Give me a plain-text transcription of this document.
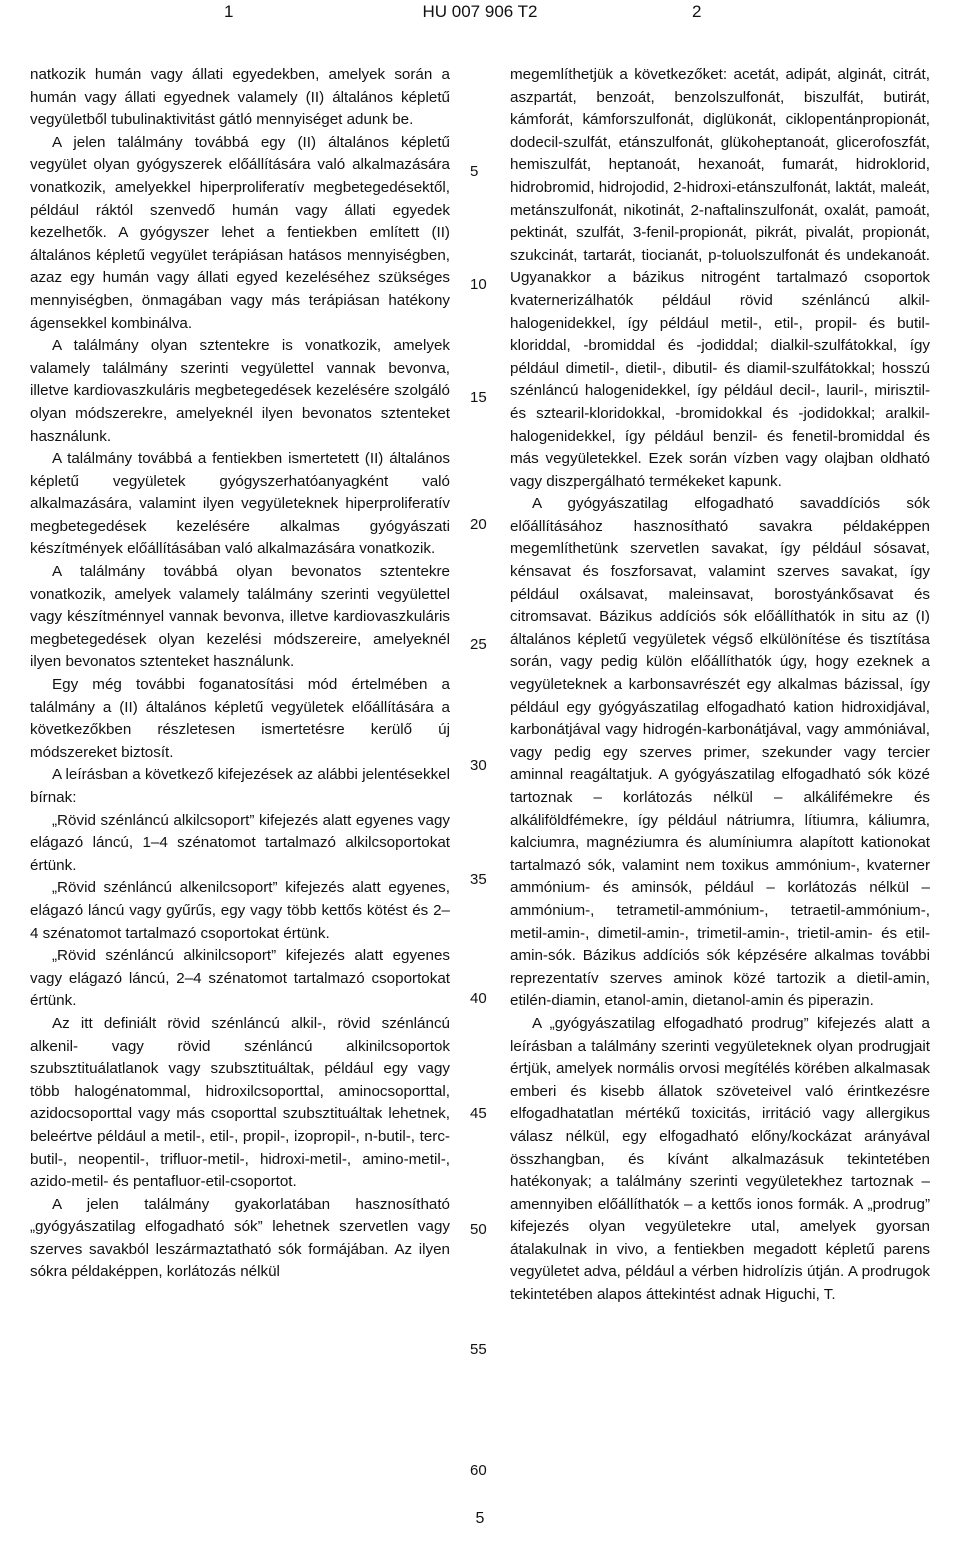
1	HU 007 906 T2	2

natkozik humán vagy állati egyedekben, amelyek során a humán vagy állati egyednek valamely (II) általános képletű vegyületből tubulinaktivitást gátló mennyiséget adunk be.

A jelen találmány továbbá egy (II) általános képletű vegyület olyan gyógyszerek előállítására való alkalmazására vonatkozik, amelyekkel hiperproliferatív megbetegedésektől, például ráktól szenvedő humán vagy állati egyedek kezelhetők. A gyógyszer lehet a fentiekben említett (II) általános képletű vegyület terápiásan hatásos mennyiségben, azaz egy humán vagy állati egyed kezeléséhez szükséges mennyiségben, önmagában vagy más terápiásan hatékony ágensekkel kombinálva.

A találmány olyan sztentekre is vonatkozik, amelyek valamely találmány szerinti vegyülettel vannak bevonva, illetve kardiovaszkuláris megbetegedések kezelésére szolgáló olyan módszerekre, amelyeknél ilyen bevonatos sztenteket használunk.

A találmány továbbá a fentiekben ismertetett (II) általános képletű vegyületek gyógyszerhatóanyagként való alkalmazására, valamint ilyen vegyületeknek hiperproliferatív megbetegedések kezelésére alkalmas gyógyászati készítmények előállításában való alkalmazására vonatkozik.

A találmány továbbá olyan bevonatos sztentekre vonatkozik, amelyek valamely találmány szerinti vegyülettel vagy készítménnyel vannak bevonva, illetve kardiovaszkuláris megbetegedések olyan kezelési módszereire, amelyeknél ilyen bevonatos sztenteket használunk.

Egy még további foganatosítási mód értelmében a találmány a (II) általános képletű vegyületek előállítására a következőkben részletesen ismertetésre kerülő új módszereket biztosít.

A leírásban a következő kifejezések az alábbi jelentésekkel bírnak:

„Rövid szénláncú alkilcsoport” kifejezés alatt egyenes vagy elágazó láncú, 1–4 szénatomot tartalmazó alkilcsoportokat értünk.

„Rövid szénláncú alkenilcsoport” kifejezés alatt egyenes, elágazó láncú vagy gyűrűs, egy vagy több kettős kötést és 2–4 szénatomot tartalmazó csoportokat értünk.

„Rövid szénláncú alkinilcsoport” kifejezés alatt egyenes vagy elágazó láncú, 2–4 szénatomot tartalmazó csoportokat értünk.

Az itt definiált rövid szénláncú alkil-, rövid szénláncú alkenil- vagy rövid szénláncú alkinilcsoportok szubsztituálatlanok vagy szubsztituáltak, például egy vagy több halogénatommal, hidroxilcsoporttal, aminocsoporttal, azidocsoporttal vagy más csoporttal szubsztituáltak lehetnek, beleértve például a metil-, etil-, propil-, izopropil-, n-butil-, terc-butil-, neopentil-, trifluor-metil-, hidroxi-metil-, amino-metil-, azido-metil- és pentafluor-etil-csoportot.

A jelen találmány gyakorlatában hasznosítható „gyógyászatilag elfogadható sók” lehetnek szervetlen vagy szerves savakból leszármaztatható sók formájában. Az ilyen sókra példaképpen, korlátozás nélkül

5
10
15
20
25
30
35
40
45
50
55
60

megemlíthetjük a következőket: acetát, adipát, alginát, citrát, aszpartát, benzoát, benzolszulfonát, biszulfát, butirát, kámforát, kámforszulfonát, diglükonát, ciklopentánpropionát, dodecil-szulfát, etánszulfonát, glükoheptanoát, glicerofoszfát, hemiszulfát, heptanoát, hexanoát, fumarát, hidroklorid, hidrobromid, hidrojodid, 2-hidroxi-etánszulfonát, laktát, maleát, metánszulfonát, nikotinát, 2-naftalinszulfonát, oxalát, pamoát, pektinát, szulfát, 3-fenil-propionát, pikrát, pivalát, propionát, szukcinát, tartarát, tiocianát, p-toluolszulfonát és undekanoát. Ugyanakkor a bázikus nitrogént tartalmazó csoportok kvaternerizálhatók például rövid szénláncú alkil-halogenidekkel, így például metil-, etil-, propil- és butil-kloriddal, -bromiddal és -jodiddal; dialkil-szulfátokkal, így például dimetil-, dietil-, dibutil- és diamil-szulfátokkal; hosszú szénláncú halogenidekkel, így például decil-, lauril-, mirisztil- és sztearil-kloridokkal, -bromidokkal és -jodidokkal; aralkil-halogenidekkel, így például benzil- és fenetil-bromiddal és más vegyületekkel. Ezek során vízben vagy olajban oldható vagy diszpergálható termékeket kapunk.

A gyógyászatilag elfogadható savaddíciós sók előállításához hasznosítható savakra példaképpen megemlíthetünk szervetlen savakat, így például sósavat, kénsavat és foszforsavat, valamint szerves savakat, így például oxálsavat, maleinsavat, borostyánkősavat és citromsavat. Bázikus addíciós sók előállíthatók in situ az (I) általános képletű vegyületek végső elkülönítése és tisztítása során, vagy pedig külön előállíthatók úgy, hogy ezeknek a vegyületeknek a karbonsavrészét egy alkalmas bázissal, így például egy gyógyászatilag elfogadható kation hidroxidjával, karbonátjával vagy hidrogén-karbonátjával, vagy ammóniával, vagy pedig egy szerves primer, szekunder vagy tercier aminnal reagáltatjuk. A gyógyászatilag elfogadható sók közé tartoznak – korlátozás nélkül – alkálifémekre és alkáliföldfémekre, így például nátriumra, lítiumra, káliumra, kalciumra, magnéziumra és alumíniumra alapított kationokat tartalmazó sók, valamint nem toxikus ammónium-, kvaterner ammónium- és aminsók, például – korlátozás nélkül – ammónium-, tetrametil-ammónium-, tetraetil-ammónium-, metil-amin-, dimetil-amin-, trimetil-amin-, trietil-amin- és etil-amin-sók. Bázikus addíciós sók képzésére alkalmas további reprezentatív szerves aminok közé tartozik a dietil-amin, etilén-diamin, etanol-amin, dietanol-amin és piperazin.

A „gyógyászatilag elfogadható prodrug” kifejezés alatt a leírásban a találmány szerinti vegyületeknek olyan prodrugjait értjük, amelyek normális orvosi megítélés körében alkalmasak emberi és kisebb állatok szöveteivel való érintkezésre elfogadhatatlan mértékű toxicitás, irritáció vagy allergikus válasz nélkül, egy elfogadható előny/kockázat arányával összhangban, és kívánt alkalmazásuk tekintetében hatékonyak; a találmány szerinti vegyületekhez tartoznak – amennyiben előállíthatók – a kettős ionos formák. A „prodrug” kifejezés olyan vegyületekre utal, amelyek gyorsan átalakulnak in vivo, a fentiekben megadott képletű parens vegyületet adva, például a vérben hidrolízis útján. A prodrugok tekintetében alapos áttekintést adnak Higuchi, T.

5
